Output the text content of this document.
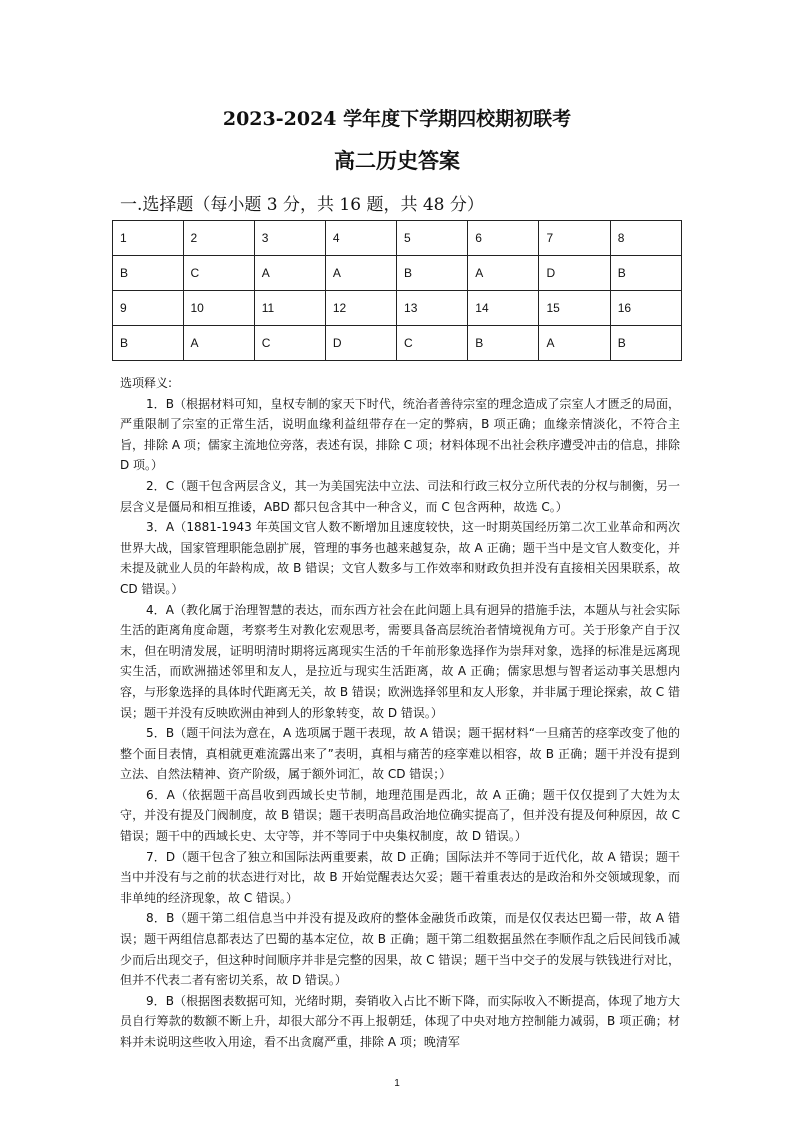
2023-2024 学年度下学期四校期初联考
高二历史答案
一.选择题（每小题 3 分，共 16 题，共 48 分）
1	2	3	4	5	6	7	8
B	C	A	A	B	A	D	B
9	10	11	12	13	14	15	16
B	A	C	D	C	B	A	B

选项释义:

1．B（根据材料可知，皇权专制的家天下时代，统治者善待宗室的理念造成了宗室人才匮乏的局面，严重限制了宗室的正常生活，说明血缘利益纽带存在一定的弊病，B 项正确；血缘亲情淡化，不符合主旨，排除 A 项；儒家主流地位旁落，表述有误，排除 C 项；材料体现不出社会秩序遭受冲击的信息，排除 D 项。）

2．C（题干包含两层含义，其一为美国宪法中立法、司法和行政三权分立所代表的分权与制衡，另一层含义是僵局和相互推诿，ABD 都只包含其中一种含义，而 C 包含两种，故选 C。）

3．A（1881-1943 年英国文官人数不断增加且速度较快，这一时期英国经历第二次工业革命和两次世界大战，国家管理职能急剧扩展，管理的事务也越来越复杂，故 A 正确；题干当中是文官人数变化，并未提及就业人员的年龄构成，故 B 错误；文官人数多与工作效率和财政负担并没有直接相关因果联系，故 CD 错误。）

4．A（教化属于治理智慧的表达，而东西方社会在此问题上具有迥异的措施手法，本题从与社会实际生活的距离角度命题，考察考生对教化宏观思考，需要具备高层统治者情境视角方可。关于形象产自于汉末，但在明清发展，证明明清时期将远离现实生活的千年前形象选择作为崇拜对象，选择的标准是远离现实生活，而欧洲描述邻里和友人，是拉近与现实生活距离，故 A 正确；儒家思想与智者运动事关思想内容，与形象选择的具体时代距离无关，故 B 错误；欧洲选择邻里和友人形象，并非属于理论探索，故 C 错误；题干并没有反映欧洲由神到人的形象转变，故 D 错误。）

5．B（题干问法为意在，A 选项属于题干表现，故 A 错误；题干据材料“一旦痛苦的痉挛改变了他的整个面目表情，真相就更难流露出来了”表明，真相与痛苦的痉挛难以相容，故 B 正确；题干并没有提到立法、自然法精神、资产阶级，属于额外词汇，故 CD 错误；）

6．A（依据题干高昌收到西域长史节制，地理范围是西北，故 A 正确；题干仅仅提到了大姓为太守，并没有提及门阀制度，故 B 错误；题干表明高昌政治地位确实提高了，但并没有提及何种原因，故 C 错误；题干中的西域长史、太守等，并不等同于中央集权制度，故 D 错误。）

7．D（题干包含了独立和国际法两重要素，故 D 正确；国际法并不等同于近代化，故 A 错误；题干当中并没有与之前的状态进行对比，故 B 开始觉醒表达欠妥；题干着重表达的是政治和外交领域现象，而非单纯的经济现象，故 C 错误。）

8．B（题干第二组信息当中并没有提及政府的整体金融货币政策，而是仅仅表达巴蜀一带，故 A 错误；题干两组信息都表达了巴蜀的基本定位，故 B 正确；题干第二组数据虽然在李顺作乱之后民间钱币减少而后出现交子，但这种时间顺序并非是完整的因果，故 C 错误；题干当中交子的发展与铁钱进行对比，但并不代表二者有密切关系，故 D 错误。）

9．B（根据图表数据可知，光绪时期，奏销收入占比不断下降，而实际收入不断提高，体现了地方大员自行筹款的数额不断上升，却很大部分不再上报朝廷，体现了中央对地方控制能力减弱，B 项正确；材料并未说明这些收入用途，看不出贪腐严重，排除 A 项；晚清军

1
